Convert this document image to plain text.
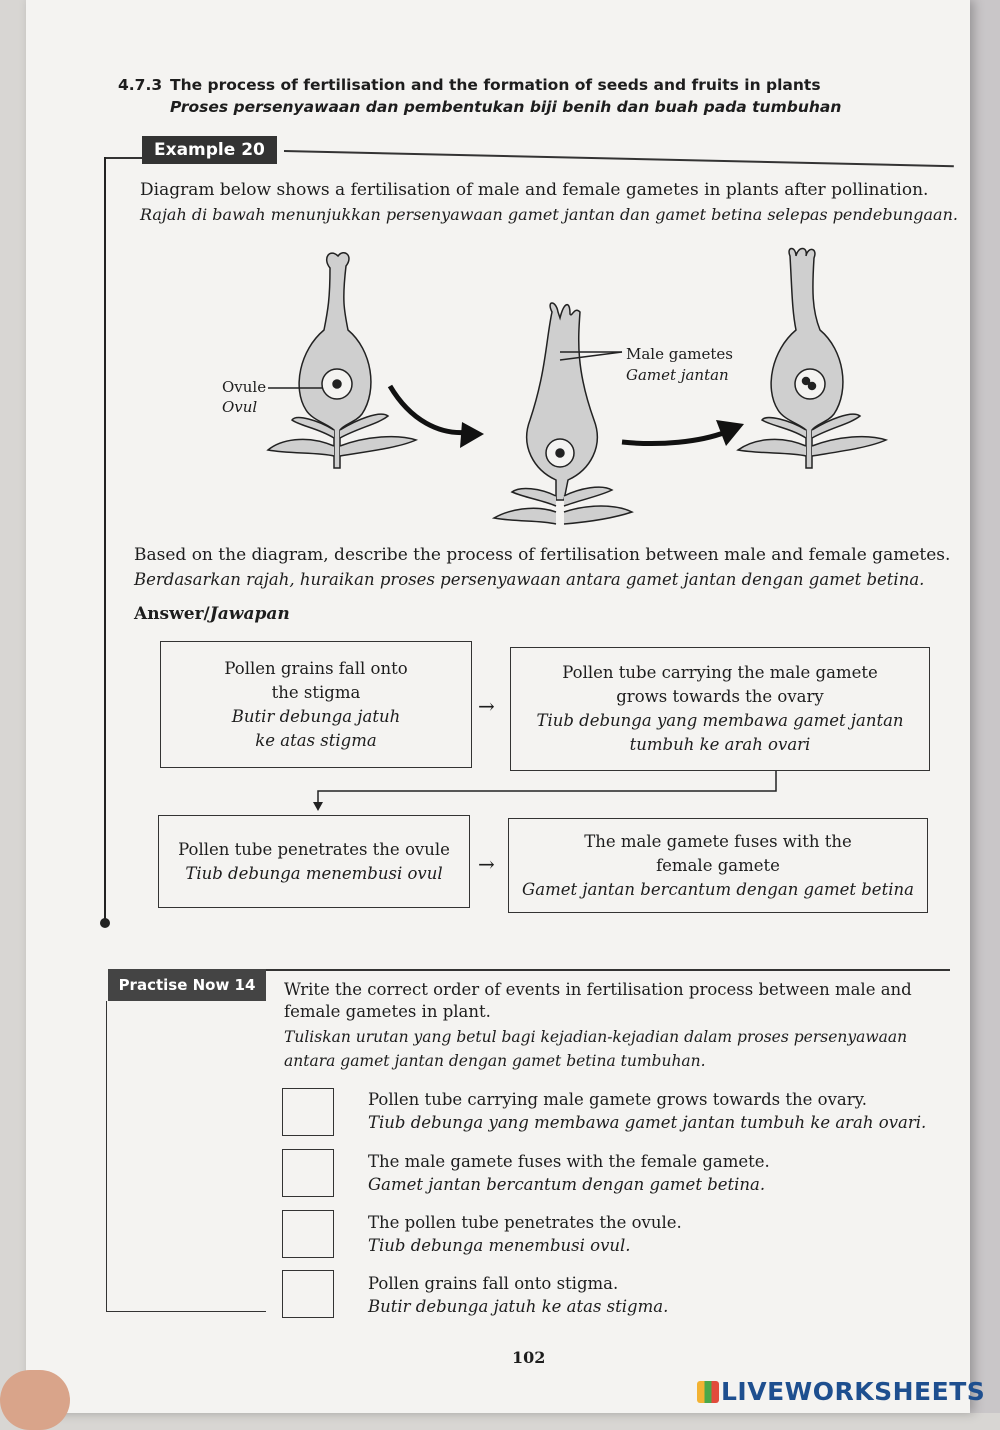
4.7.3 The process of fertilisation and the formation of seeds and fruits in plants
Proses persenyawaan dan pembentukan biji benih dan buah pada tumbuhan
Example 20
Diagram below shows a fertilisation of male and female gametes in plants after pollination.
Rajah di bawah menunjukkan persenyawaan gamet jantan dan gamet betina selepas pendebungaan.
Ovule
Ovul
Male gametes
Gamet jantan
Based on the diagram, describe the process of fertilisation between male and female gametes.
Berdasarkan rajah, huraikan proses persenyawaan antara gamet jantan dengan gamet betina.
Answer/Jawapan
Pollen grains fall onto
the stigma
Butir debunga jatuh
ke atas stigma
→
Pollen tube carrying the male gamete
grows towards the ovary
Tiub debunga yang membawa gamet jantan
tumbuh ke arah ovari
Pollen tube penetrates the ovule
Tiub debunga menembusi ovul	→
The male gamete fuses with the
female gamete
Gamet jantan bercantum dengan gamet betina
Practise Now 14	Write the correct order of events in fertilisation process between male and
female gametes in plant.
Tuliskan urutan yang betul bagi kejadian-kejadian dalam proses persenyawaan
antara gamet jantan dengan gamet betina tumbuhan.
Pollen tube carrying male gamete grows towards the ovary.
Tiub debunga yang membawa gamet jantan tumbuh ke arah ovari.
The male gamete fuses with the female gamete.
Gamet jantan bercantum dengan gamet betina.
The pollen tube penetrates the ovule.
Tiub debunga menembusi ovul.
Pollen grains fall onto stigma.
Butir debunga jatuh ke atas stigma.
102
LIVEWORKSHEETS
